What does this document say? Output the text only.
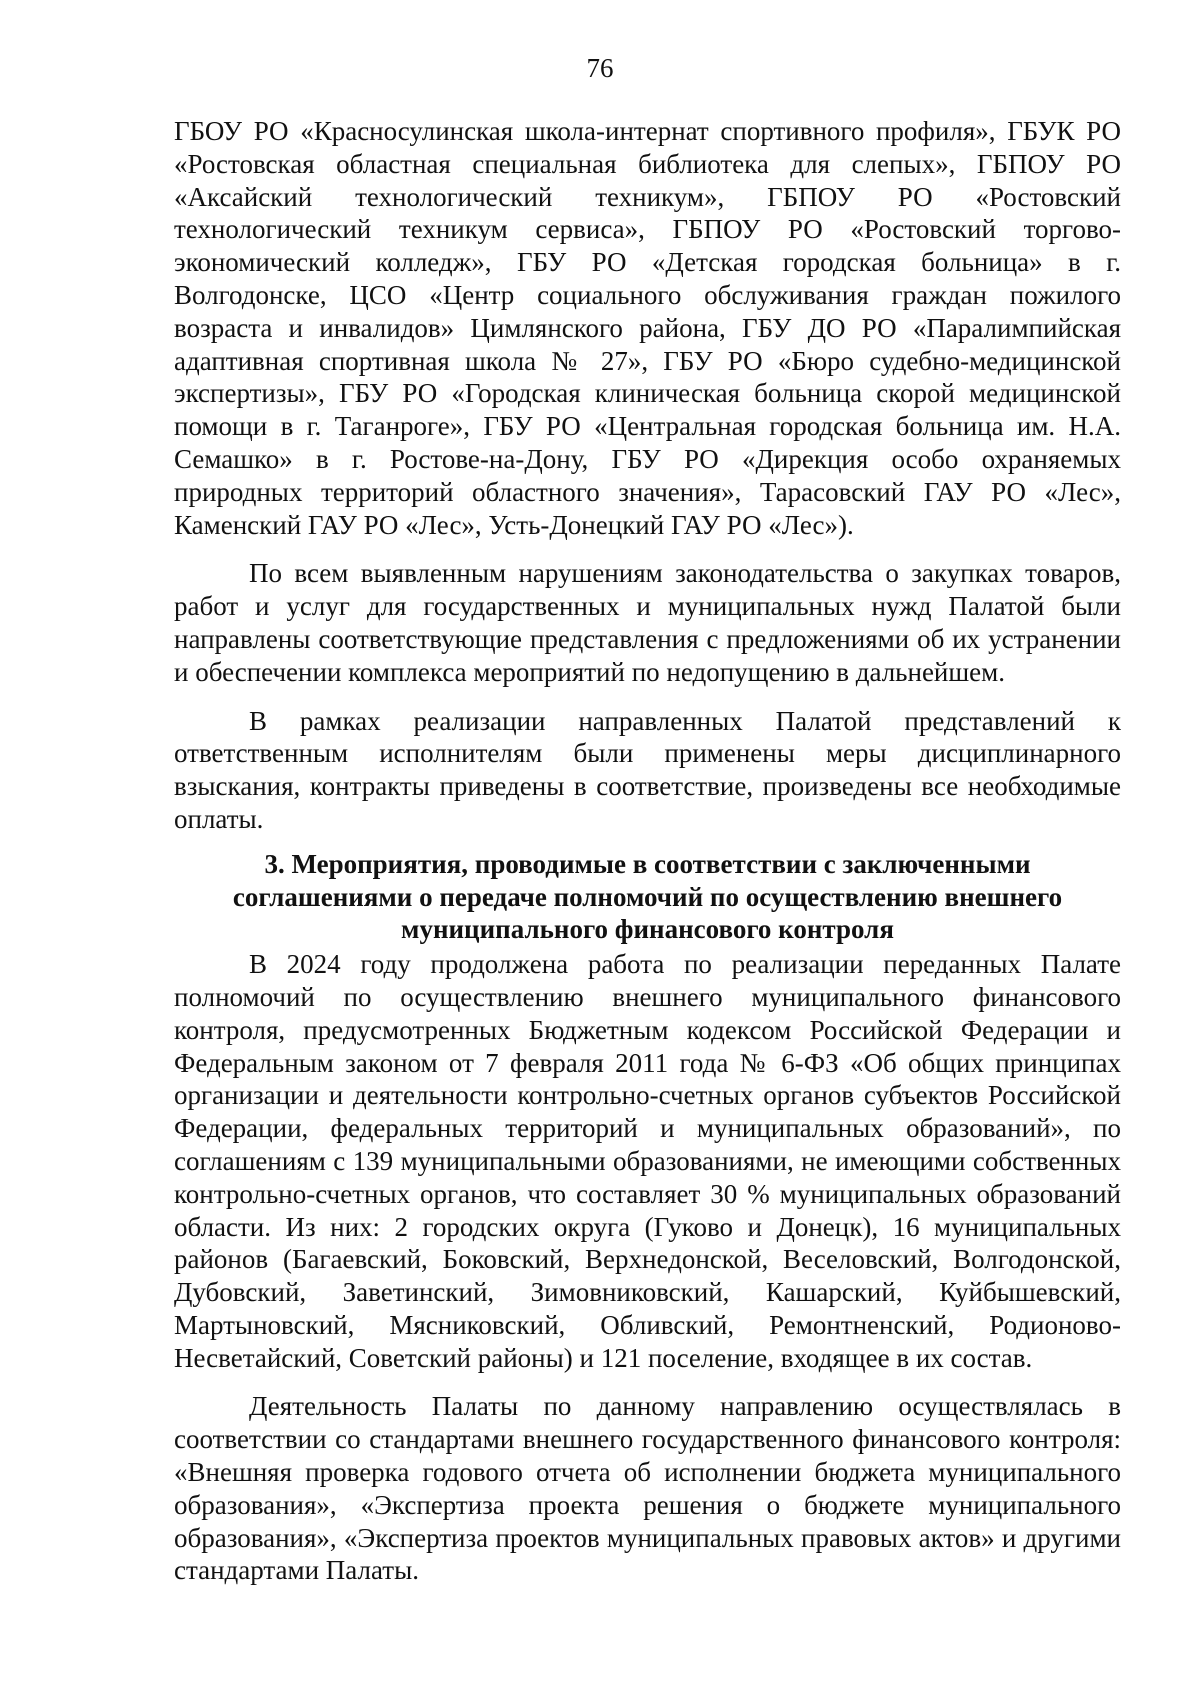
76

ГБОУ РО «Красносулинская школа-интернат спортивного профиля», ГБУК РО «Ростовская областная специальная библиотека для слепых», ГБПОУ РО «Аксайский технологический техникум», ГБПОУ РО «Ростовский технологический техникум сервиса», ГБПОУ РО «Ростовский торгово-экономический колледж», ГБУ РО «Детская городская больница» в г. Волгодонске, ЦСО «Центр социального обслуживания граждан пожилого возраста и инвалидов» Цимлянского района, ГБУ ДО РО «Паралимпийская адаптивная спортивная школа № 27», ГБУ РО «Бюро судебно-медицинской экспертизы», ГБУ РО «Городская клиническая больница скорой медицинской помощи в г. Таганроге», ГБУ РО «Центральная городская больница им. Н.А. Семашко» в г. Ростове-на-Дону, ГБУ РО «Дирекция особо охраняемых природных территорий областного значения», Тарасовский ГАУ РО «Лес», Каменский ГАУ РО «Лес», Усть-Донецкий ГАУ РО «Лес»).

По всем выявленным нарушениям законодательства о закупках товаров, работ и услуг для государственных и муниципальных нужд Палатой были направлены соответствующие представления с предложениями об их устранении и обеспечении комплекса мероприятий по недопущению в дальнейшем.

В рамках реализации направленных Палатой представлений к ответственным исполнителям были применены меры дисциплинарного взыскания, контракты приведены в соответствие, произведены все необходимые оплаты.

3. Мероприятия, проводимые в соответствии с заключенными
соглашениями о передаче полномочий по осуществлению внешнего
муниципального финансового контроля

В 2024 году продолжена работа по реализации переданных Палате полномочий по осуществлению внешнего муниципального финансового контроля, предусмотренных Бюджетным кодексом Российской Федерации и Федеральным законом от 7 февраля 2011 года № 6-ФЗ «Об общих принципах организации и деятельности контрольно-счетных органов субъектов Российской Федерации, федеральных территорий и муниципальных образований», по соглашениям с 139 муниципальными образованиями, не имеющими собственных контрольно-счетных органов, что составляет 30 % муниципальных образований области. Из них: 2 городских округа (Гуково и Донецк), 16 муниципальных районов (Багаевский, Боковский, Верхнедонской, Веселовский, Волгодонской, Дубовский, Заветинский, Зимовниковский, Кашарский, Куйбышевский, Мартыновский, Мясниковский, Обливский, Ремонтненский, Родионово-Несветайский, Советский районы) и 121 поселение, входящее в их состав.

Деятельность Палаты по данному направлению осуществлялась в соответствии со стандартами внешнего государственного финансового контроля: «Внешняя проверка годового отчета об исполнении бюджета муниципального образования», «Экспертиза проекта решения о бюджете муниципального образования», «Экспертиза проектов муниципальных правовых актов» и другими стандартами Палаты.
